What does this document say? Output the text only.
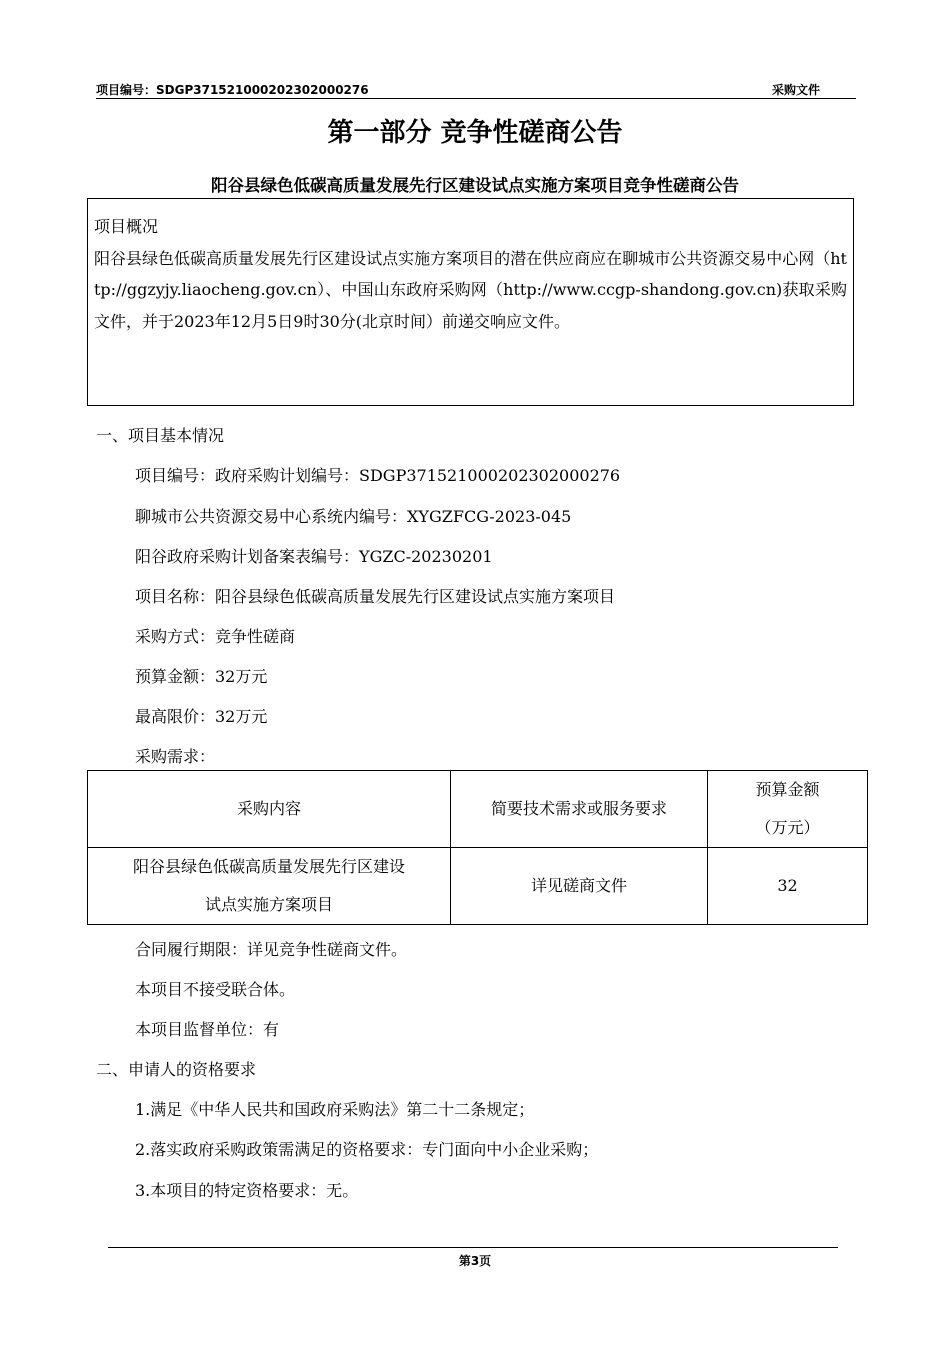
项目编号：SDGP371521000202302000276	采购文件
第一部分 竞争性磋商公告
阳谷县绿色低碳高质量发展先行区建设试点实施方案项目竞争性磋商公告
项目概况
阳谷县绿色低碳高质量发展先行区建设试点实施方案项目的潜在供应商应在聊城市公共资源交易中心网（http://ggzyjy.liaocheng.gov.cn）、中国山东政府采购网（http://www.ccgp-shandong.gov.cn)获取采购文件，并于2023年12月5日9时30分(北京时间）前递交响应文件。
一、项目基本情况
项目编号：政府采购计划编号：SDGP371521000202302000276
聊城市公共资源交易中心系统内编号：XYGZFCG-2023-045
阳谷政府采购计划备案表编号：YGZC-20230201
项目名称：阳谷县绿色低碳高质量发展先行区建设试点实施方案项目
采购方式：竞争性磋商
预算金额：32万元
最高限价：32万元
采购需求：
采购内容	简要技术需求或服务要求	预算金额
（万元）

阳谷县绿色低碳高质量发展先行区建设
试点实施方案项目	详见磋商文件	32
合同履行期限：详见竞争性磋商文件。
本项目不接受联合体。
本项目监督单位：有
二、申请人的资格要求
1.满足《中华人民共和国政府采购法》第二十二条规定；
2.落实政府采购政策需满足的资格要求：专门面向中小企业采购；
3.本项目的特定资格要求：无。
第3页
